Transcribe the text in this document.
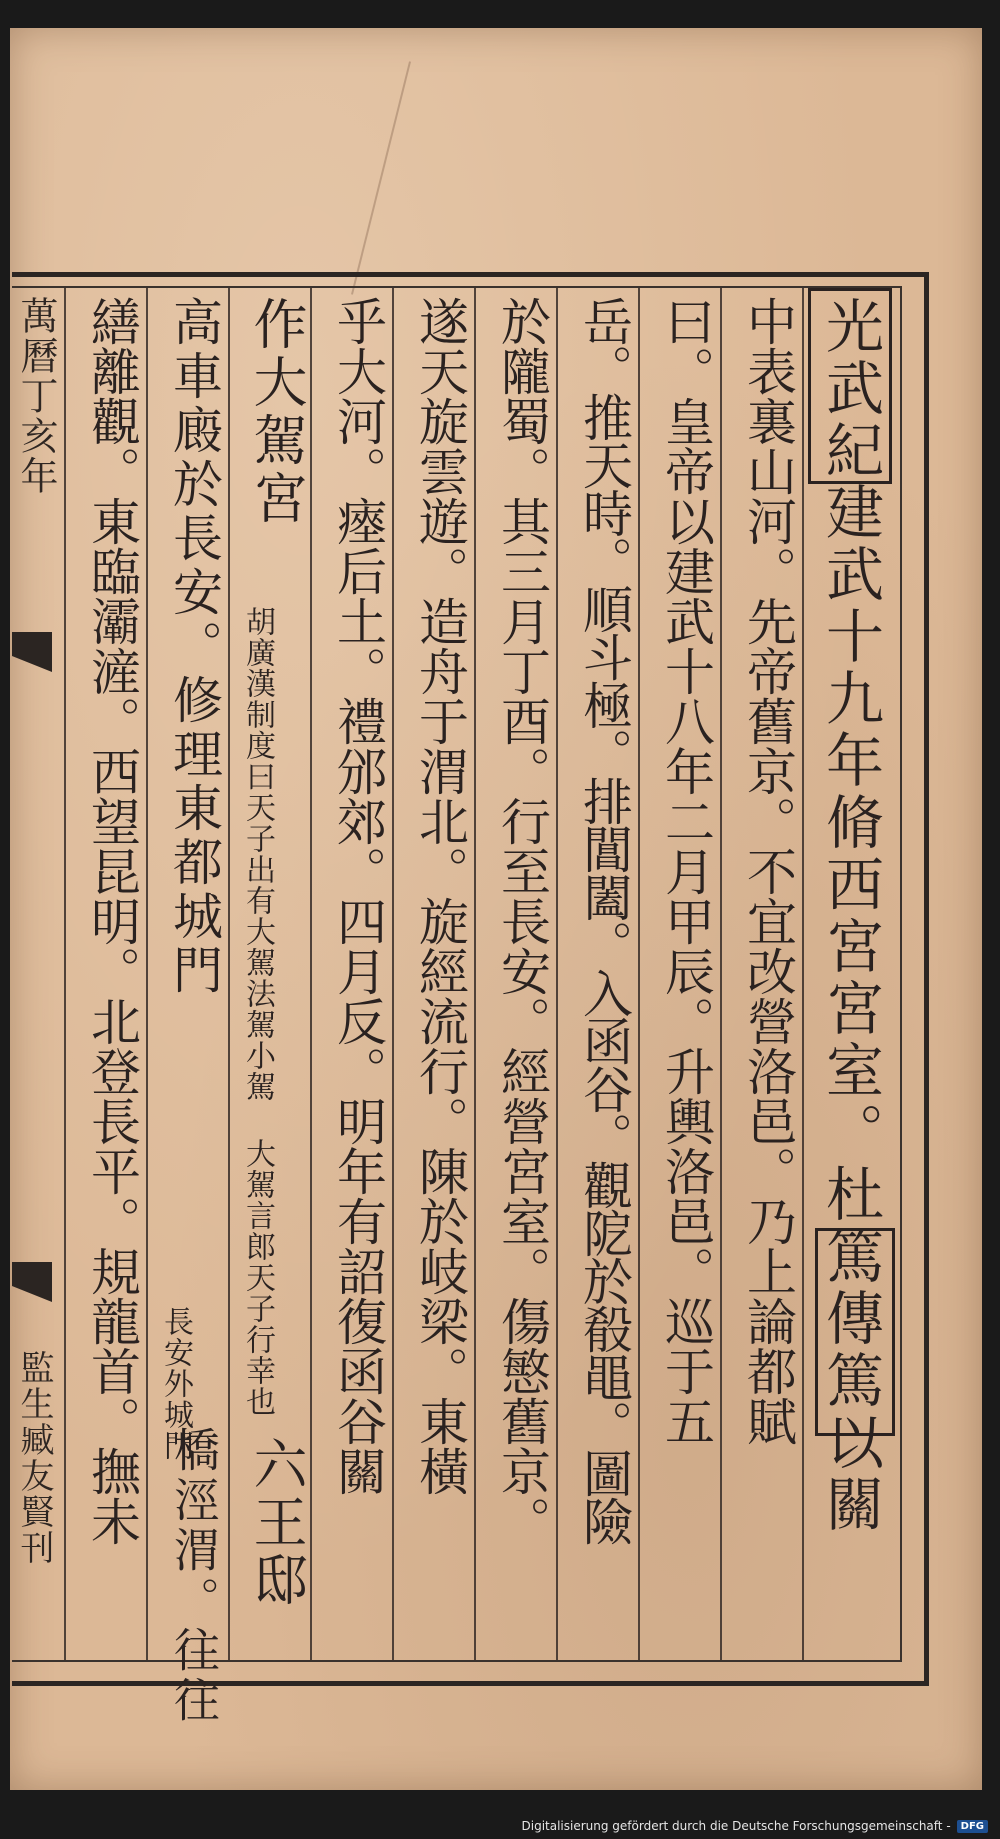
光武紀建武十九年脩西宮宮室。杜篤傳篤以關
中表裏山河。先帝舊京。不宜改營洛邑。乃上論都賦
曰。皇帝以建武十八年二月甲辰。升輿洛邑。巡于五
岳。推天時。順斗極。排閶闔。入函谷。觀阸於殽黽。圖險
於隴蜀。其三月丁酉。行至長安。經營宮室。傷慜舊京。
遂天旋雲遊。造舟于渭北。旋經流行。陳於岐梁。東橫
乎大河。瘞后土。禮邠郊。四月反。明年有詔復函谷關
作大駕宮
胡廣漢制度曰天子出有大駕法駕小駕 大駕言郎天子行幸也
六王邸
高車廄於長安。修理東都城門
長安外城門
橋涇渭。往往
繕離觀。東臨灞滻。西望昆明。北登長平。規龍首。撫未
萬曆丁亥年
監生臧友賢刊
Digitalisierung gefördert durch die Deutsche Forschungsgemeinschaft -	DFG
